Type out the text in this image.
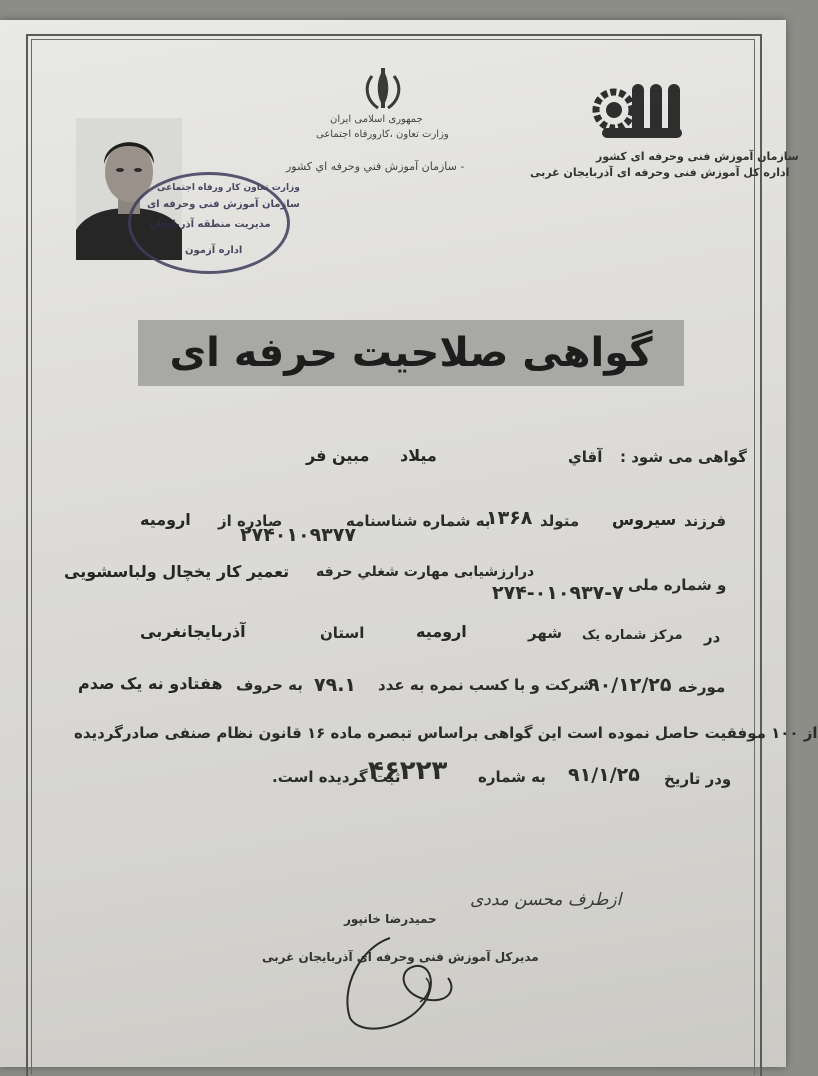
سازمان آموزش فنی وحرفه ای کشور
اداره کل آموزش فنی وحرفه ای آذربایجان غربی
جمهوری اسلامی ایران
وزارت تعاون ،کارورفاه اجتماعی
- سازمان آموزش فني وحرفه اي كشور
وزارت تعاون کار ورفاه اجتماعی
سازمان آموزش فنی وحرفه ای
مدیریت منطقه آذربایجان
اداره آزمون
گواهی صلاحیت حرفه ای
گواهی می شود :
آقاي
میلاد
مبین فر
فرزند
سیروس
متولد
۱۳۶۸
به شماره شناسنامه
۲۷۴۰۱۰۹۳۷۷
صادره از
ارومیه
و شماره ملی
۲۷۴-۰۱۰۹۳۷-۷
درارزشیابی مهارت شغلي حرفه
تعمیر کار یخچال ولباسشویی
در
مرکز شماره یک
شهر
ارومیه
استان
آذربایجانغربی
مورخه
۹۰/۱۲/۲۵
شرکت و با کسب نمره به عدد
۷۹.۱
به حروف
هفتادو نه یک صدم
از ۱۰۰ موفقیت حاصل نموده است این گواهی براساس تبصره ماده ۱۶ قانون نظام صنفی صادرگردیده
ودر تاریخ
۹۱/۱/۲۵
به شماره
۴۶۲۲۳
ثبت گردیده است.
ازطرف محسن مددی
حمیدرضا خانپور
مدیرکل آموزش فنی وحرفه ای آذربایجان غربی
